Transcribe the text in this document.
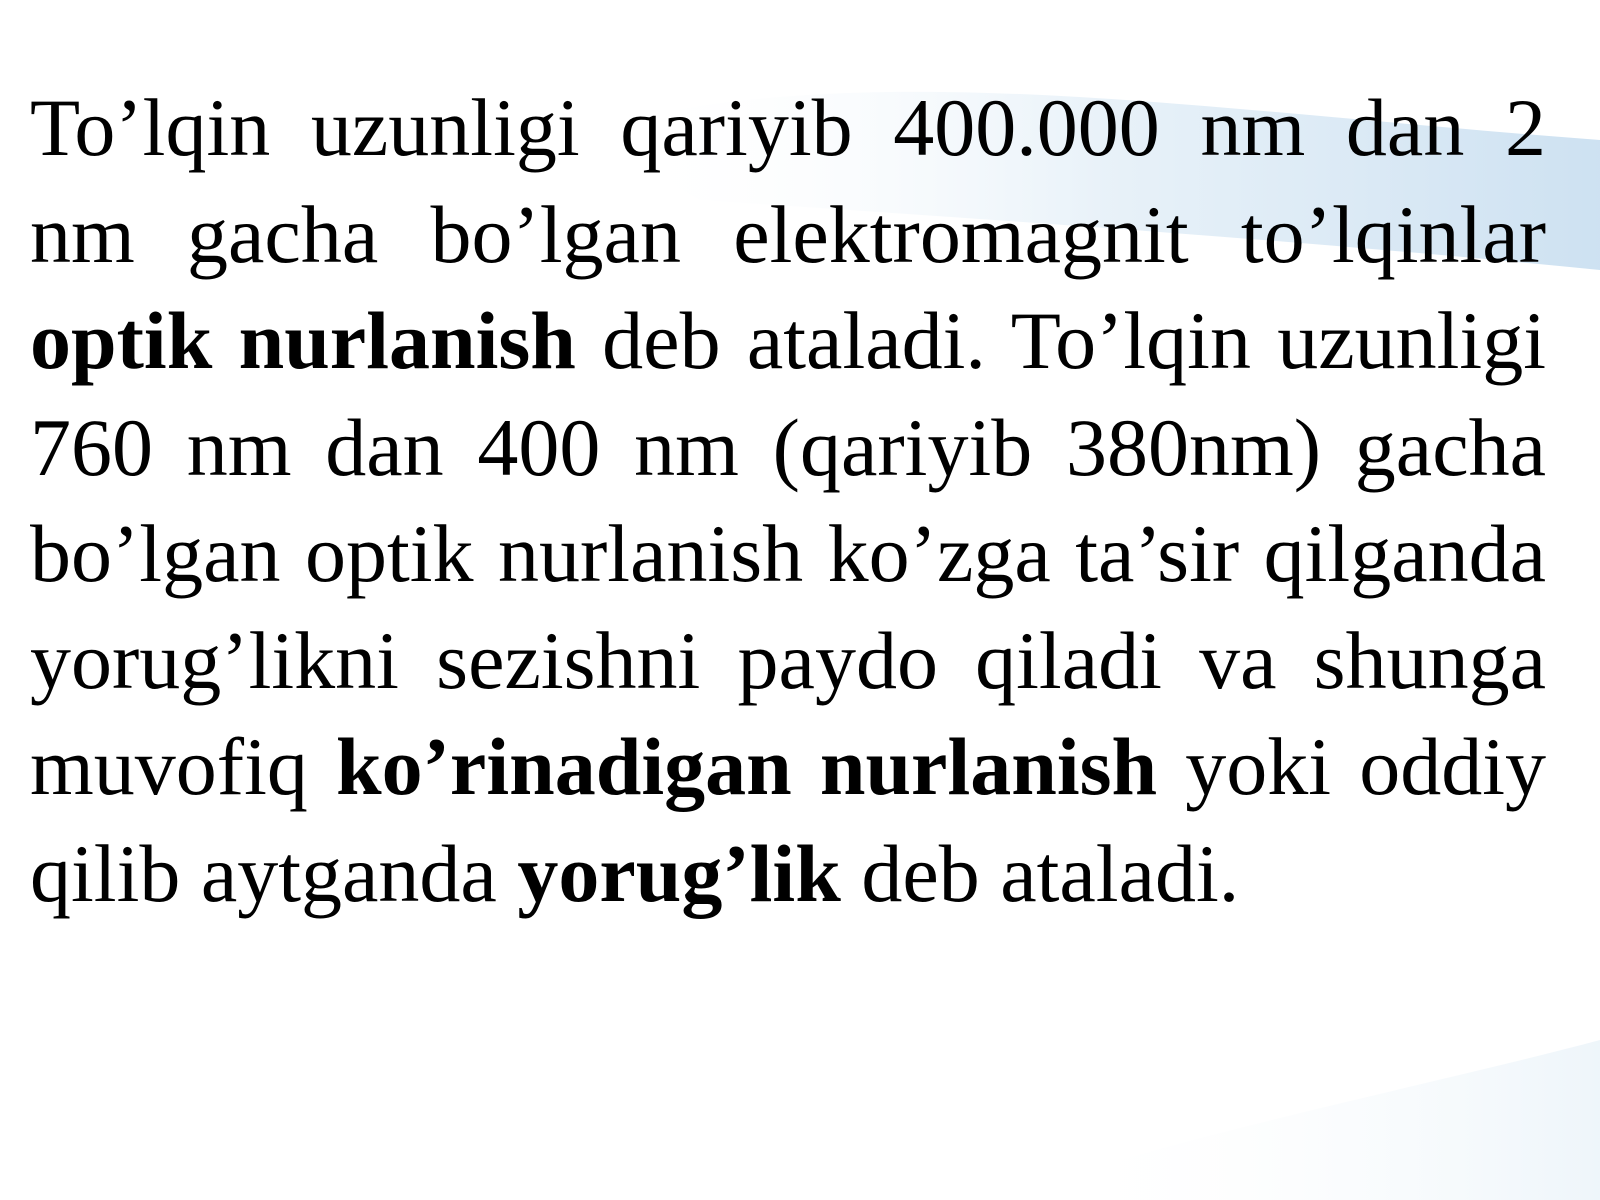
To’lqin uzunligi qariyib 400.000 nm dan 2 nm gacha bo’lgan elektromagnit to’lqinlar optik nurlanish deb ataladi. To’lqin uzunligi 760 nm dan 400 nm (qariyib 380nm) gacha bo’lgan optik nurlanish ko’zga ta’sir qilganda yorug’likni sezishni paydo qiladi va shunga muvofiq ko’rinadigan nurlanish yoki oddiy qilib aytganda yorug’lik deb ataladi.
